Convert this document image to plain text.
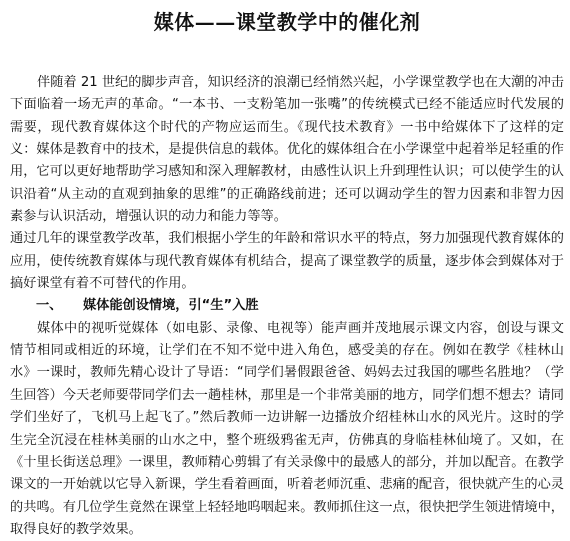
媒体——课堂教学中的催化剂

伴随着 21 世纪的脚步声音，知识经济的浪潮已经悄然兴起，小学课堂教学也在大潮的冲击下面临着一场无声的革命。“一本书、一支粉笔加一张嘴”的传统模式已经不能适应时代发展的需要，现代教育媒体这个时代的产物应运而生。《现代技术教育》一书中给媒体下了这样的定义：媒体是教育中的技术，是提供信息的载体。优化的媒体组合在小学课堂中起着举足轻重的作用，它可以更好地帮助学习感知和深入理解教材，由感性认识上升到理性认识；可以使学生的认识沿着“从主动的直观到抽象的思维”的正确路线前进；还可以调动学生的智力因素和非智力因素参与认识活动，增强认识的动力和能力等等。

通过几年的课堂教学改革，我们根据小学生的年龄和常识水平的特点，努力加强现代教育媒体的应用，使传统教育媒体与现代教育媒体有机结合，提高了课堂教学的质量，逐步体会到媒体对于搞好课堂有着不可替代的作用。

一、 媒体能创设情境，引“生”入胜

媒体中的视听觉媒体（如电影、录像、电视等）能声画并茂地展示课文内容，创设与课文情节相同或相近的环境，让学们在不知不觉中进入角色，感受美的存在。例如在教学《桂林山水》一课时，教师先精心设计了导语：“同学们暑假跟爸爸、妈妈去过我国的哪些名胜地？（学生回答）今天老师要带同学们去一趟桂林，那里是一个非常美丽的地方，同学们想不想去？请同学们坐好了，飞机马上起飞了。”然后教师一边讲解一边播放介绍桂林山水的风光片。这时的学生完全沉浸在桂林美丽的山水之中，整个班级鸦雀无声，仿佛真的身临桂林仙境了。又如，在《十里长街送总理》一课里，教师精心剪辑了有关录像中的最感人的部分，并加以配音。在教学课文的一开始就以它导入新课，学生看着画面，听着老师沉重、悲痛的配音，很快就产生的心灵的共鸣。有几位学生竟然在课堂上轻轻地呜咽起来。教师抓住这一点，很快把学生领进情境中，取得良好的教学效果。
